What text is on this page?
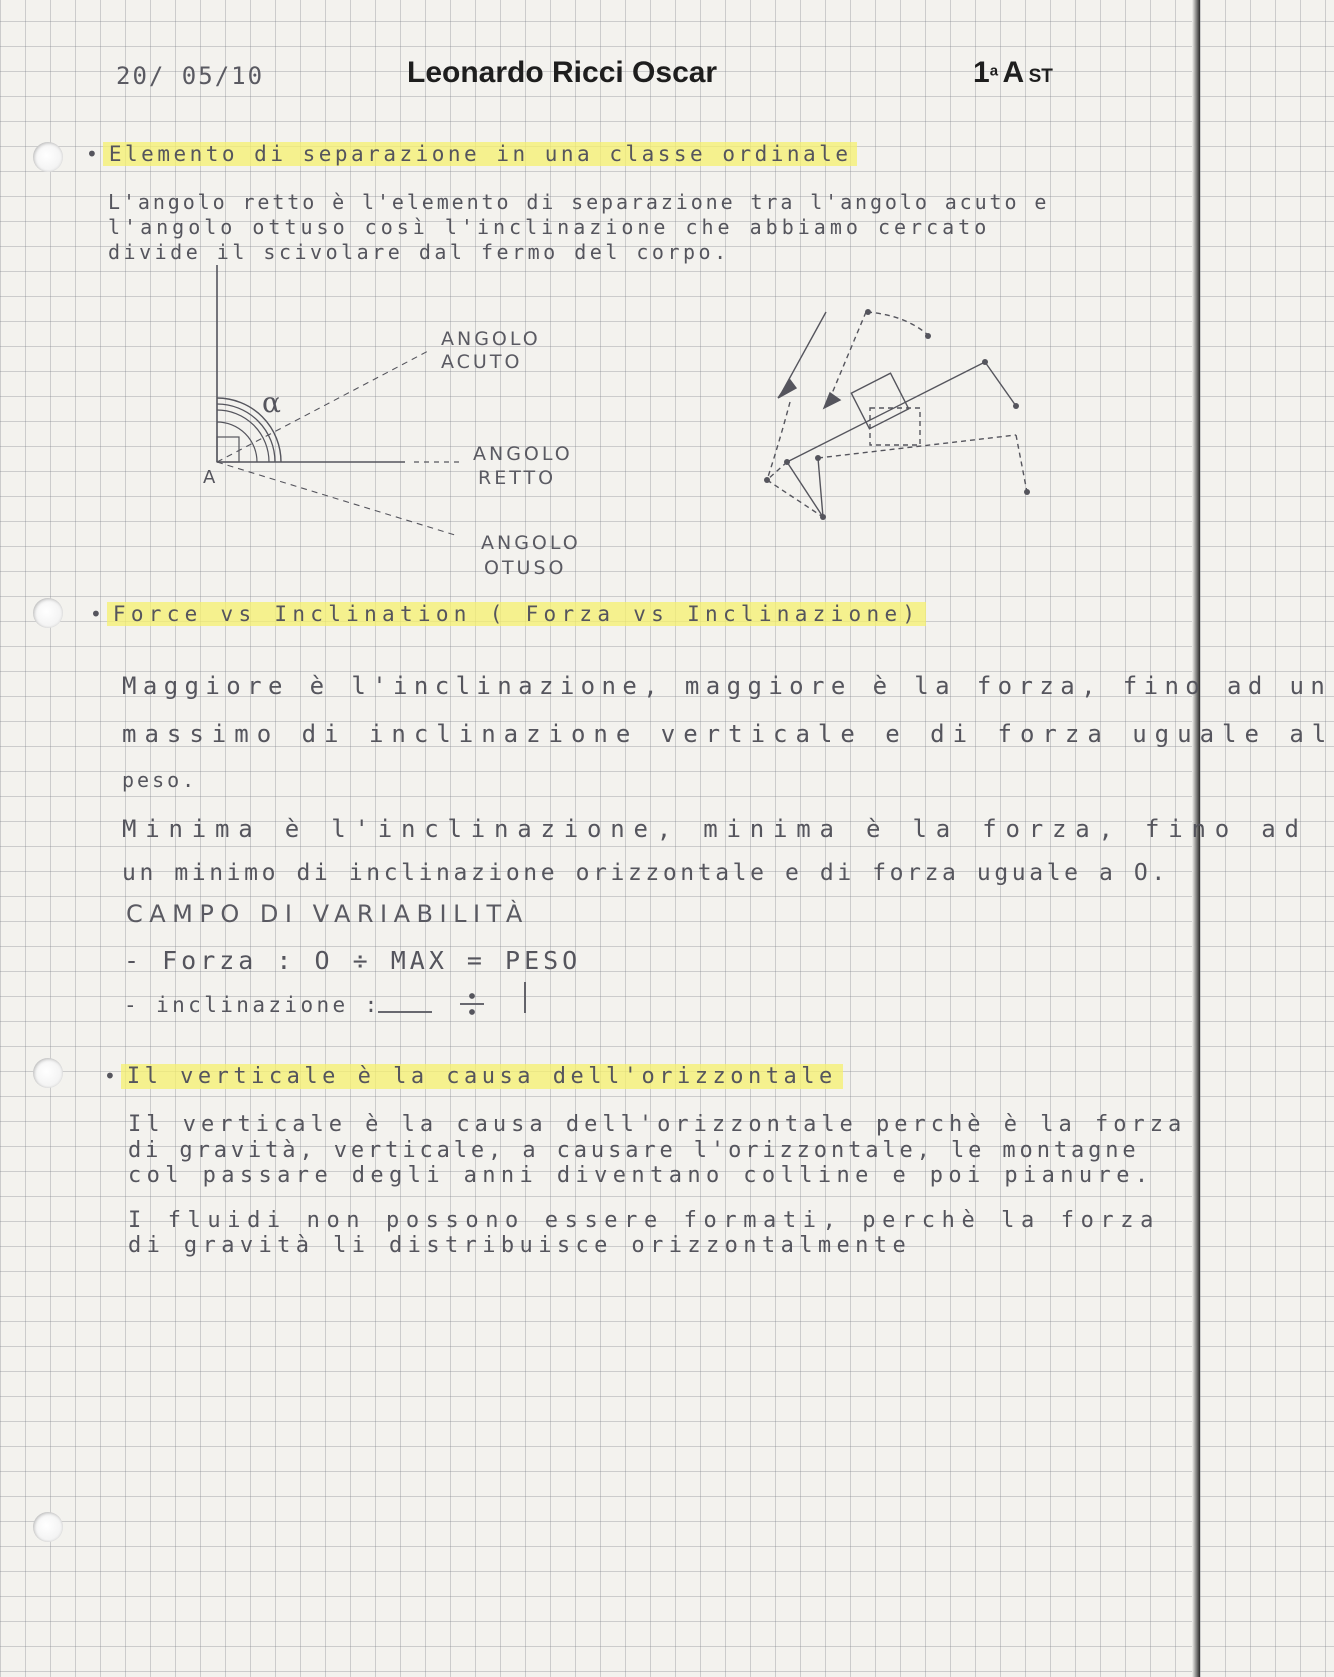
20/ 05/10	Leonardo Ricci Oscar	1$^a$ A ST
• Elemento di separazione in una classe ordinale
L'angolo retto è l'elemento di separazione tra l'angolo acuto e
l'angolo ottuso così l'inclinazione che abbiamo cercato
divide il scivolare dal fermo del corpo.
A
α
ANGOLO
ACUTO
ANGOLO
RETTO
ANGOLO
OTUSO
• Force vs Inclination ( Forza vs Inclinazione)
Maggiore è l'inclinazione, maggiore è la forza, fino ad un
massimo di inclinazione verticale e di forza uguale al
peso.
Minima è l'inclinazione, minima è la forza, fino ad
un minimo di inclinazione orizzontale e di forza uguale a O.
CAMPO DI VARIABILITÀ
- Forza : O ÷ MAX = PESO
- inclinazione :
• Il verticale è la causa dell'orizzontale
Il verticale è la causa dell'orizzontale perchè è la forza
di gravità, verticale, a causare l'orizzontale, le montagne
col passare degli anni diventano colline e poi pianure.
I fluidi non possono essere formati, perchè la forza
di gravità li distribuisce orizzontalmente
